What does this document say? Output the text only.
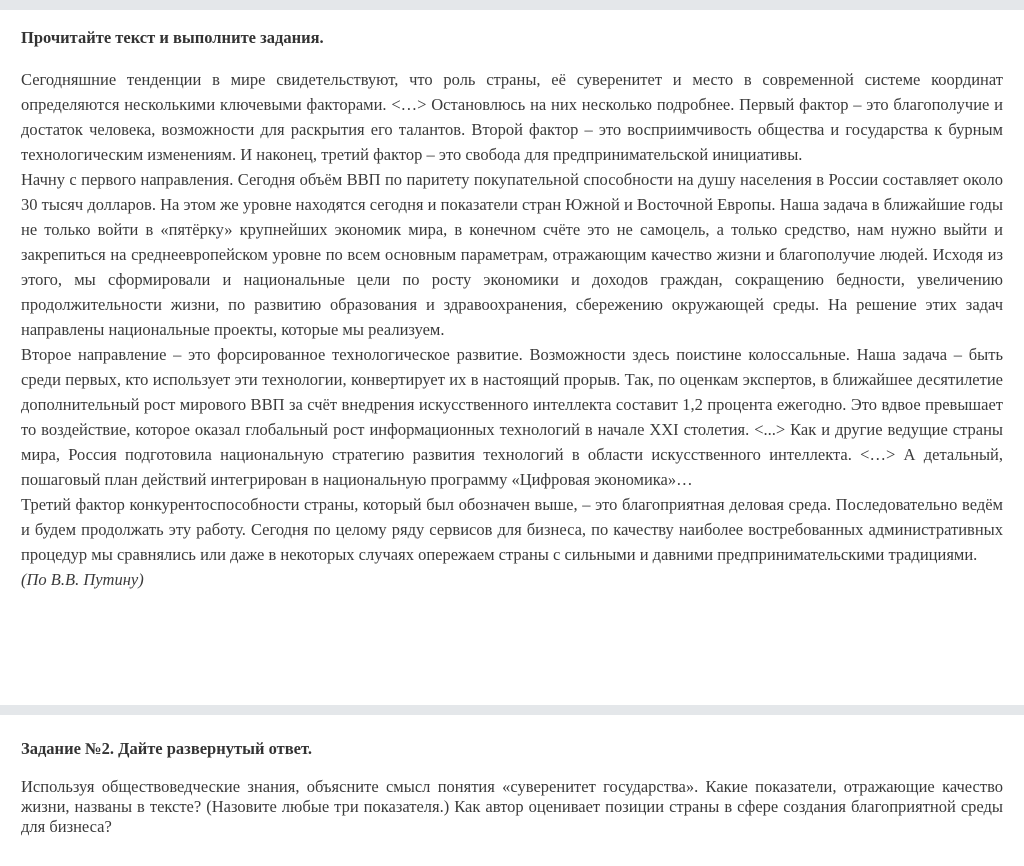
Прочитайте текст и выполните задания.

Сегодняшние тенденции в мире свидетельствуют, что роль страны, её суверенитет и место в современной системе координат определяются несколькими ключевыми факторами. <…> Остановлюсь на них несколько подробнее. Первый фактор – это благополучие и достаток человека, возможности для раскрытия его талантов. Второй фактор – это восприимчивость общества и государства к бурным технологическим изменениям. И наконец, третий фактор – это свобода для предпринимательской инициативы.

Начну с первого направления. Сегодня объём ВВП по паритету покупательной способности на душу населения в России составляет около 30 тысяч долларов. На этом же уровне находятся сегодня и показатели стран Южной и Восточной Европы. Наша задача в ближайшие годы не только войти в «пятёрку» крупнейших экономик мира, в конечном счёте это не самоцель, а только средство, нам нужно выйти и закрепиться на среднеевропейском уровне по всем основным параметрам, отражающим качество жизни и благополучие людей. Исходя из этого, мы сформировали и национальные цели по росту экономики и доходов граждан, сокращению бедности, увеличению продолжительности жизни, по развитию образования и здравоохранения, сбережению окружающей среды. На решение этих задач направлены национальные проекты, которые мы реализуем.

Второе направление – это форсированное технологическое развитие. Возможности здесь поистине колоссальные. Наша задача – быть среди первых, кто использует эти технологии, конвертирует их в настоящий прорыв. Так, по оценкам экспертов, в ближайшее десятилетие дополнительный рост мирового ВВП за счёт внедрения искусственного интеллекта составит 1,2 процента ежегодно. Это вдвое превышает то воздействие, которое оказал глобальный рост информационных технологий в начале XXI столетия. <...> Как и другие ведущие страны мира, Россия подготовила национальную стратегию развития технологий в области искусственного интеллекта. <…> А детальный, пошаговый план действий интегрирован в национальную программу «Цифровая экономика»…

Третий фактор конкурентоспособности страны, который был обозначен выше, – это благоприятная деловая среда. Последовательно ведём и будем продолжать эту работу. Сегодня по целому ряду сервисов для бизнеса, по качеству наиболее востребованных административных процедур мы сравнялись или даже в некоторых случаях опережаем страны с сильными и давними предпринимательскими традициями.

(По В.В. Путину)

Задание №2. Дайте развернутый ответ.

Используя обществоведческие знания, объясните смысл понятия «суверенитет государства». Какие показатели, отражающие качество жизни, названы в тексте? (Назовите любые три показателя.) Как автор оценивает позиции страны в сфере создания благоприятной среды для бизнеса?
